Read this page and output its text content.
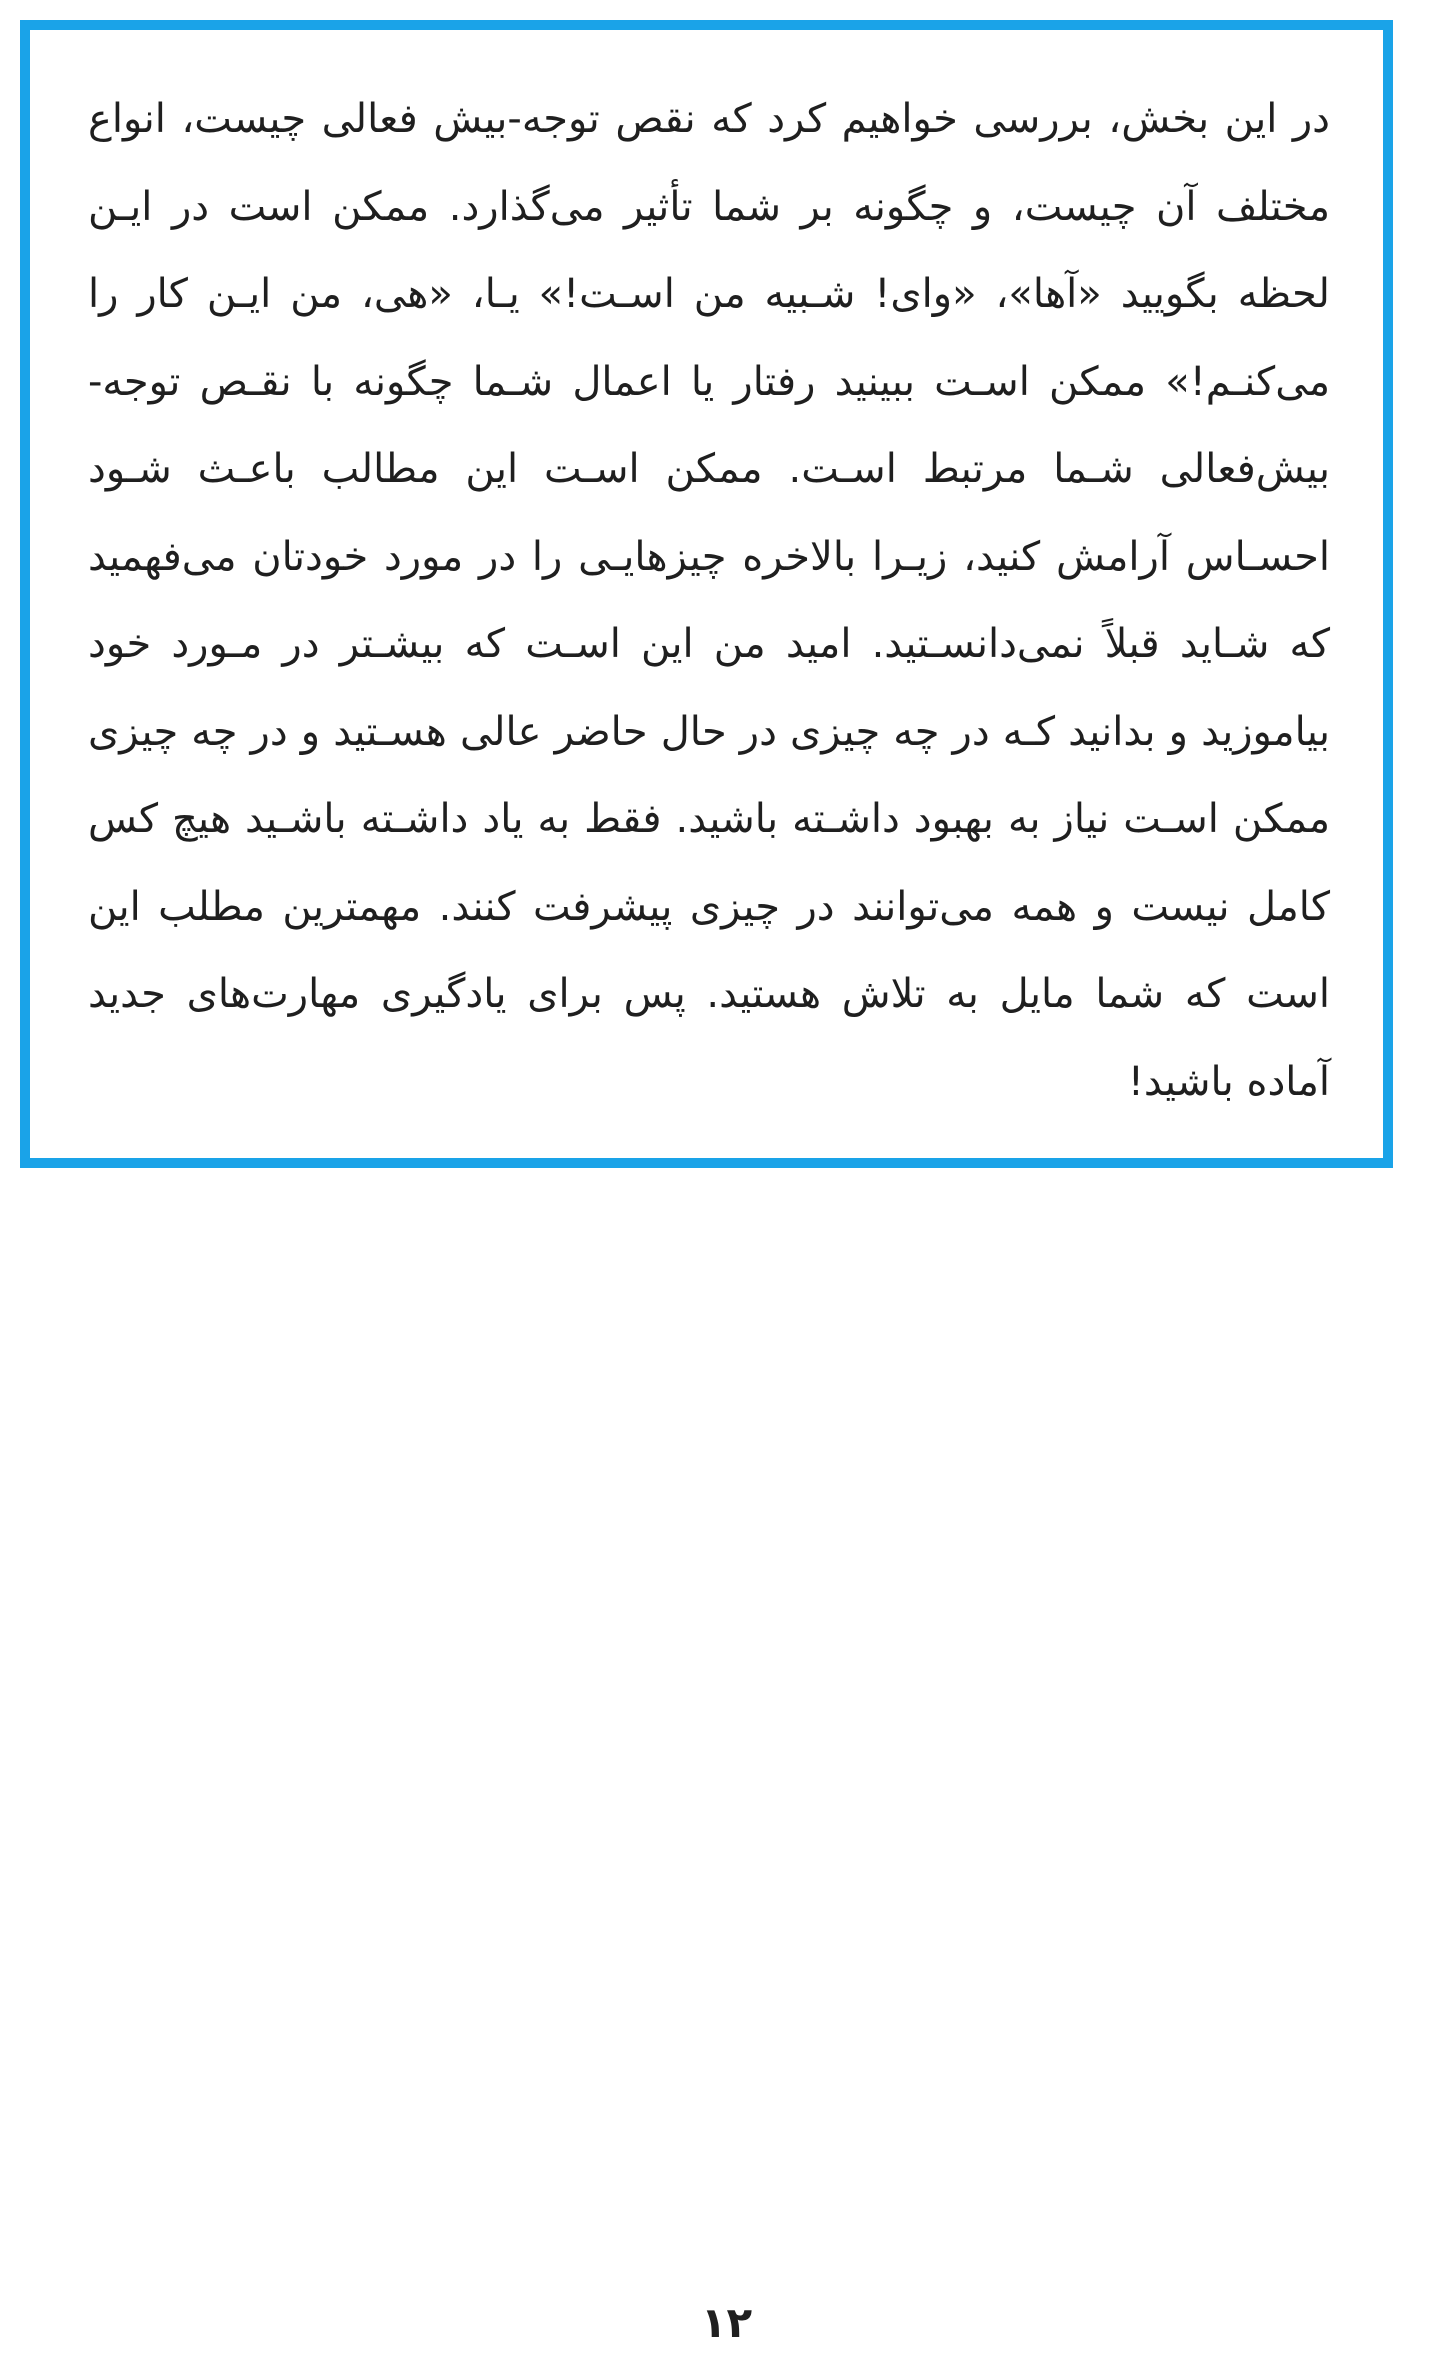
در این بخش، بررسی خواهیم کرد که نقص توجه-بیش فعالی چیست، انواع مختلف آن چیست، و چگونه بر شما تأثیر می‌گذارد. ممکن است در ایـن لحظه بگویید «آها»، «وای! شـبیه من اسـت!» یـا، «هی، من ایـن کار را می‌کنـم!» ممکن اسـت ببینید رفتار یا اعمال شـما چگونه با نقـص توجه-بیش‌فعالی شـما مرتبط اسـت. ممکن اسـت این مطالب باعـث شـود احسـاس آرامش کنید، زیـرا بالاخره چیزهایـی را در مورد خودتان می‌فهمید که شـاید قبلاً نمی‌دانسـتید. امید من این اسـت که بیشـتر در مـورد خود بیاموزید و بدانید کـه در چه چیزی در حال حاضر عالی هسـتید و در چه چیزی ممکن اسـت نیاز به بهبود داشـته باشید. فقط به یاد داشـته باشـید هیچ کس کامل نیست و همه می‌توانند در چیزی پیشرفت کنند. مهمترین مطلب این است که شما مایل به تلاش هستید. پس برای یادگیری مهارت‌های جدید آماده باشید!

۱۲
